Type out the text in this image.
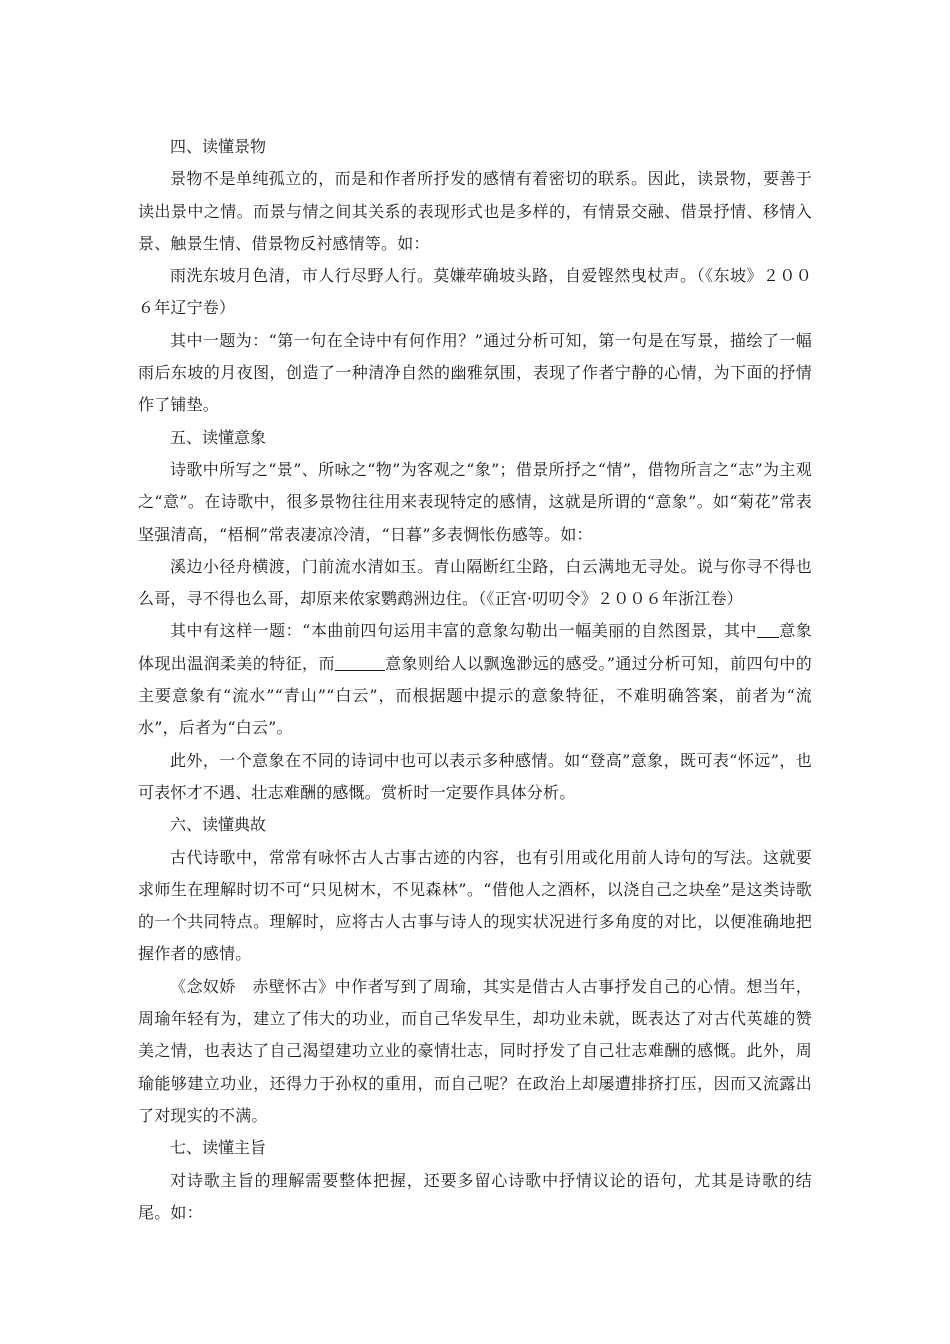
四、读懂景物

景物不是单纯孤立的，而是和作者所抒发的感情有着密切的联系。因此，读景物，要善于读出景中之情。而景与情之间其关系的表现形式也是多样的，有情景交融、借景抒情、移情入景、触景生情、借景物反衬感情等。如：

雨洗东坡月色清，市人行尽野人行。莫嫌荦确坡头路，自爱铿然曳杖声。（《东坡》２００６年辽宁卷）

其中一题为：“第一句在全诗中有何作用？”通过分析可知，第一句是在写景，描绘了一幅雨后东坡的月夜图，创造了一种清净自然的幽雅氛围，表现了作者宁静的心情，为下面的抒情作了铺垫。

五、读懂意象

诗歌中所写之“景”、所咏之“物”为客观之“象”；借景所抒之“情”，借物所言之“志”为主观之“意”。在诗歌中，很多景物往往用来表现特定的感情，这就是所谓的“意象”。如“菊花”常表坚强清高，“梧桐”常表凄凉冷清，“日暮”多表惆怅伤感等。如：

溪边小径舟横渡，门前流水清如玉。青山隔断红尘路，白云满地无寻处。说与你寻不得也么哥，寻不得也么哥，却原来侬家鹦鹉洲边住。（《正宫·叨叨令》２００６年浙江卷）

其中有这样一题：“本曲前四句运用丰富的意象勾勒出一幅美丽的自然图景，其中 意象体现出温润柔美的特征，而	意象则给人以飘逸渺远的感受。”通过分析可知，前四句中的主要意象有“流水”“青山”“白云”，而根据题中提示的意象特征，不难明确答案，前者为“流水”，后者为“白云”。

此外，一个意象在不同的诗词中也可以表示多种感情。如“登高”意象，既可表“怀远”，也可表怀才不遇、壮志难酬的感慨。赏析时一定要作具体分析。

六、读懂典故

古代诗歌中，常常有咏怀古人古事古迹的内容，也有引用或化用前人诗句的写法。这就要求师生在理解时切不可“只见树木，不见森林”。“借他人之酒杯，以浇自己之块垒”是这类诗歌的一个共同特点。理解时，应将古人古事与诗人的现实状况进行多角度的对比，以便准确地把握作者的感情。

《念奴娇　赤壁怀古》中作者写到了周瑜，其实是借古人古事抒发自己的心情。想当年，周瑜年轻有为，建立了伟大的功业，而自己华发早生，却功业未就，既表达了对古代英雄的赞美之情，也表达了自己渴望建功立业的豪情壮志，同时抒发了自己壮志难酬的感慨。此外，周瑜能够建立功业，还得力于孙权的重用，而自己呢？在政治上却屡遭排挤打压，因而又流露出了对现实的不满。

七、读懂主旨

对诗歌主旨的理解需要整体把握，还要多留心诗歌中抒情议论的语句，尤其是诗歌的结尾。如：
